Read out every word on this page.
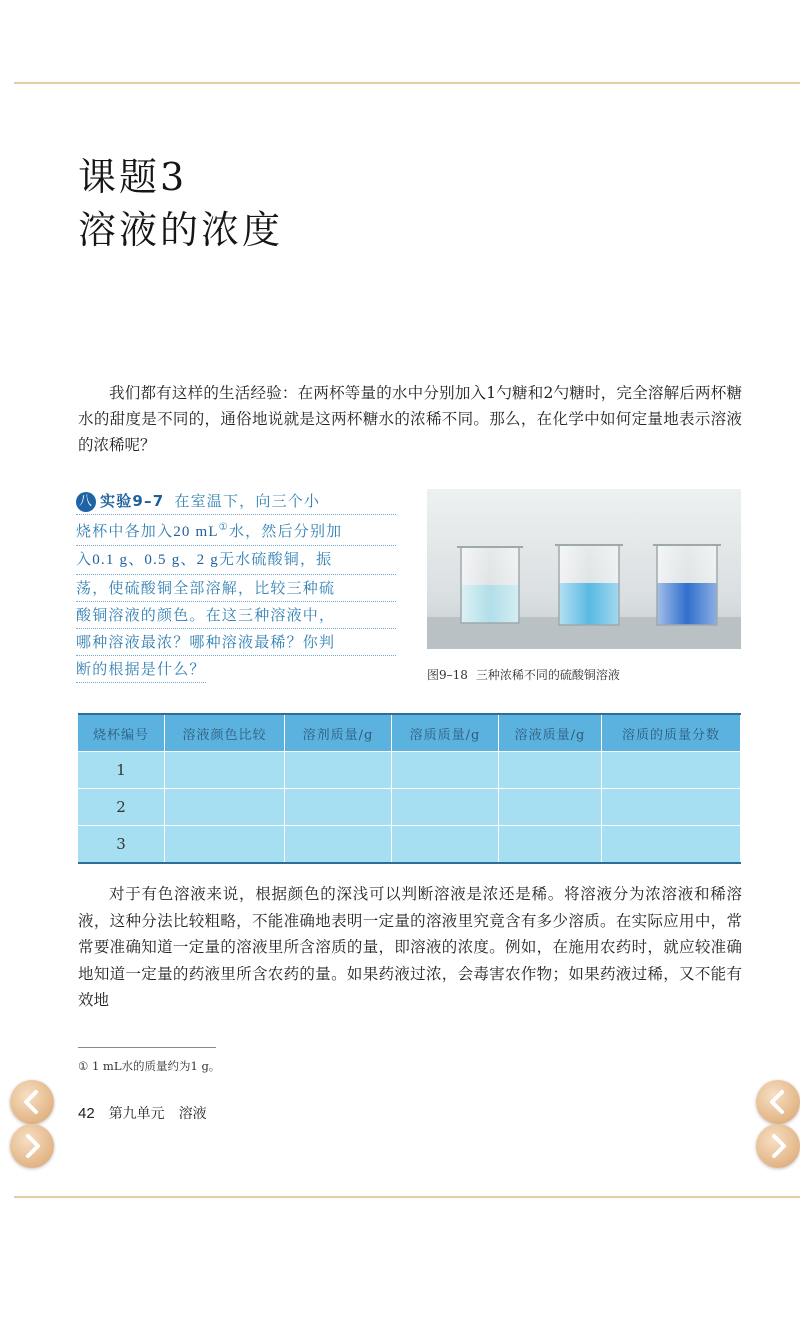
课题3
溶液的浓度

我们都有这样的生活经验：在两杯等量的水中分别加入1勺糖和2勺糖时，完全溶解后两杯糖水的甜度是不同的，通俗地说就是这两杯糖水的浓稀不同。那么，在化学中如何定量地表示溶液的浓稀呢？

八 实验9–7 在室温下，向三个小
烧杯中各加入20 mL①水，然后分别加
入0.1 g、0.5 g、2 g无水硫酸铜，振
荡，使硫酸铜全部溶解，比较三种硫
酸铜溶液的颜色。在这三种溶液中，
哪种溶液最浓？哪种溶液最稀？你判
断的根据是什么？	图9–18 三种浓稀不同的硫酸铜溶液
烧杯编号	溶液颜色比较	溶剂质量/g	溶质质量/g	溶液质量/g	溶质的质量分数
1					
2					
3					

对于有色溶液来说，根据颜色的深浅可以判断溶液是浓还是稀。将溶液分为浓溶液和稀溶液，这种分法比较粗略，不能准确地表明一定量的溶液里究竟含有多少溶质。在实际应用中，常常要准确知道一定量的溶液里所含溶质的量，即溶液的浓度。例如，在施用农药时，就应较准确地知道一定量的药液里所含农药的量。如果药液过浓，会毒害农作物；如果药液过稀，又不能有效地

① 1 mL水的质量约为1 g。
42 第九单元 溶液
